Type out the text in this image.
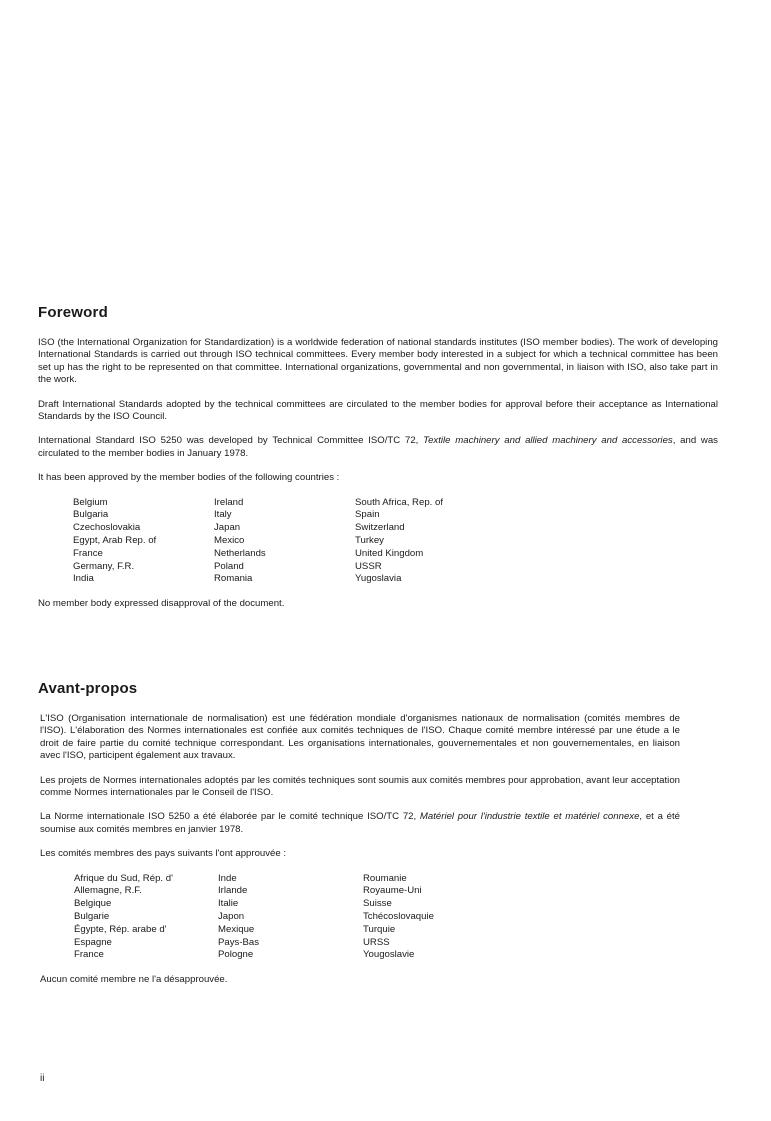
Foreword

ISO (the International Organization for Standardization) is a worldwide federation of national standards institutes (ISO member bodies). The work of developing International Standards is carried out through ISO technical committees. Every member body interested in a subject for which a technical committee has been set up has the right to be represented on that committee. International organizations, governmental and non governmental, in liaison with ISO, also take part in the work.

Draft International Standards adopted by the technical committees are circulated to the member bodies for approval before their acceptance as International Standards by the ISO Council.

International Standard ISO 5250 was developed by Technical Committee ISO/TC 72, Textile machinery and allied machinery and accessories, and was circulated to the member bodies in January 1978.

It has been approved by the member bodies of the following countries :

Belgium
Bulgaria
Czechoslovakia
Egypt, Arab Rep. of
France
Germany, F.R.
India
Ireland
Italy
Japan
Mexico
Netherlands
Poland
Romania
South Africa, Rep. of
Spain
Switzerland
Turkey
United Kingdom
USSR
Yugoslavia

No member body expressed disapproval of the document.

Avant-propos

L'ISO (Organisation internationale de normalisation) est une fédération mondiale d'organismes nationaux de normalisation (comités membres de l'ISO). L'élaboration des Normes internationales est confiée aux comités techniques de l'ISO. Chaque comité membre intéressé par une étude a le droit de faire partie du comité technique correspondant. Les organisations internationales, gouvernementales et non gouvernementales, en liaison avec l'ISO, participent également aux travaux.

Les projets de Normes internationales adoptés par les comités techniques sont soumis aux comités membres pour approbation, avant leur acceptation comme Normes internationales par le Conseil de l'ISO.

La Norme internationale ISO 5250 a été élaborée par le comité technique ISO/TC 72, Matériel pour l'industrie textile et matériel connexe, et a été soumise aux comités membres en janvier 1978.

Les comités membres des pays suivants l'ont approuvée :

Afrique du Sud, Rép. d'
Allemagne, R.F.
Belgique
Bulgarie
Égypte, Rép. arabe d'
Espagne
France
Inde
Irlande
Italie
Japon
Mexique
Pays-Bas
Pologne
Roumanie
Royaume-Uni
Suisse
Tchécoslovaquie
Turquie
URSS
Yougoslavie

Aucun comité membre ne l'a désapprouvée.

ii
